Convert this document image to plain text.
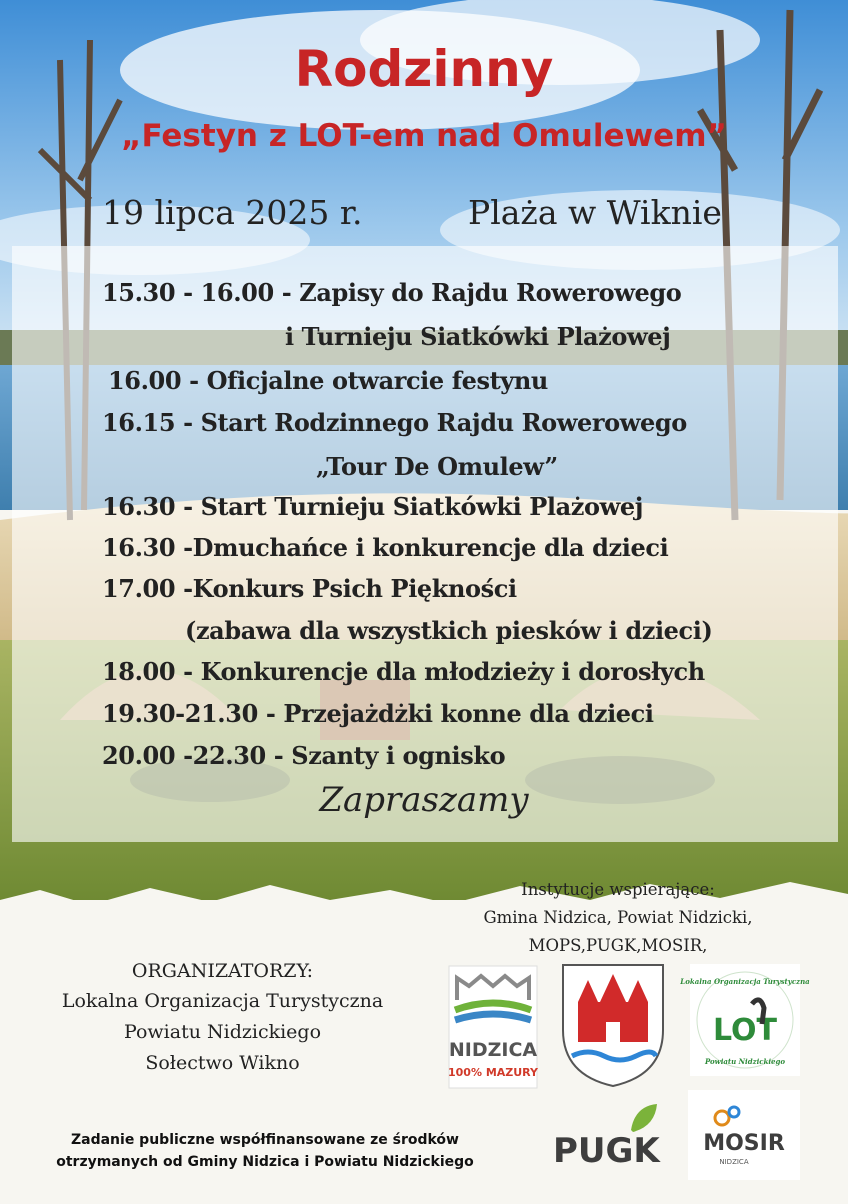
Rodzinny
„Festyn z LOT-em nad Omulewem”
19 lipca 2025 r.	Plaża w Wiknie
15.30 - 16.00 - Zapisy do Rajdu Rowerowego
i Turnieju Siatkówki Plażowej
16.00 - Oficjalne otwarcie festynu
16.15 - Start Rodzinnego Rajdu Rowerowego
„Tour De Omulew”
16.30 - Start Turnieju Siatkówki Plażowej
16.30 -Dmuchańce i konkurencje dla dzieci
17.00 -Konkurs Psich Piękności
(zabawa dla wszystkich piesków i dzieci)
18.00 - Konkurencje dla młodzieży i dorosłych
19.30-21.30 - Przejażdżki konne dla dzieci
20.00 -22.30 - Szanty i ognisko
Zapraszamy
Instytucje wspierające:
Gmina Nidzica, Powiat Nidzicki,
MOPS,PUGK,MOSIR,
ORGANIZATORZY:
Lokalna Organizacja Turystyczna
Powiatu Nidzickiego
Sołectwo Wikno
Zadanie publiczne współfinansowane ze środków
otrzymanych od Gminy Nidzica i Powiatu Nidzickiego
NIDZICA
100% MAZURY
Lokalna Organizacja Turystyczna
LOT
Powiatu Nidzickiego
PUGK MOSIR
NIDZICA
